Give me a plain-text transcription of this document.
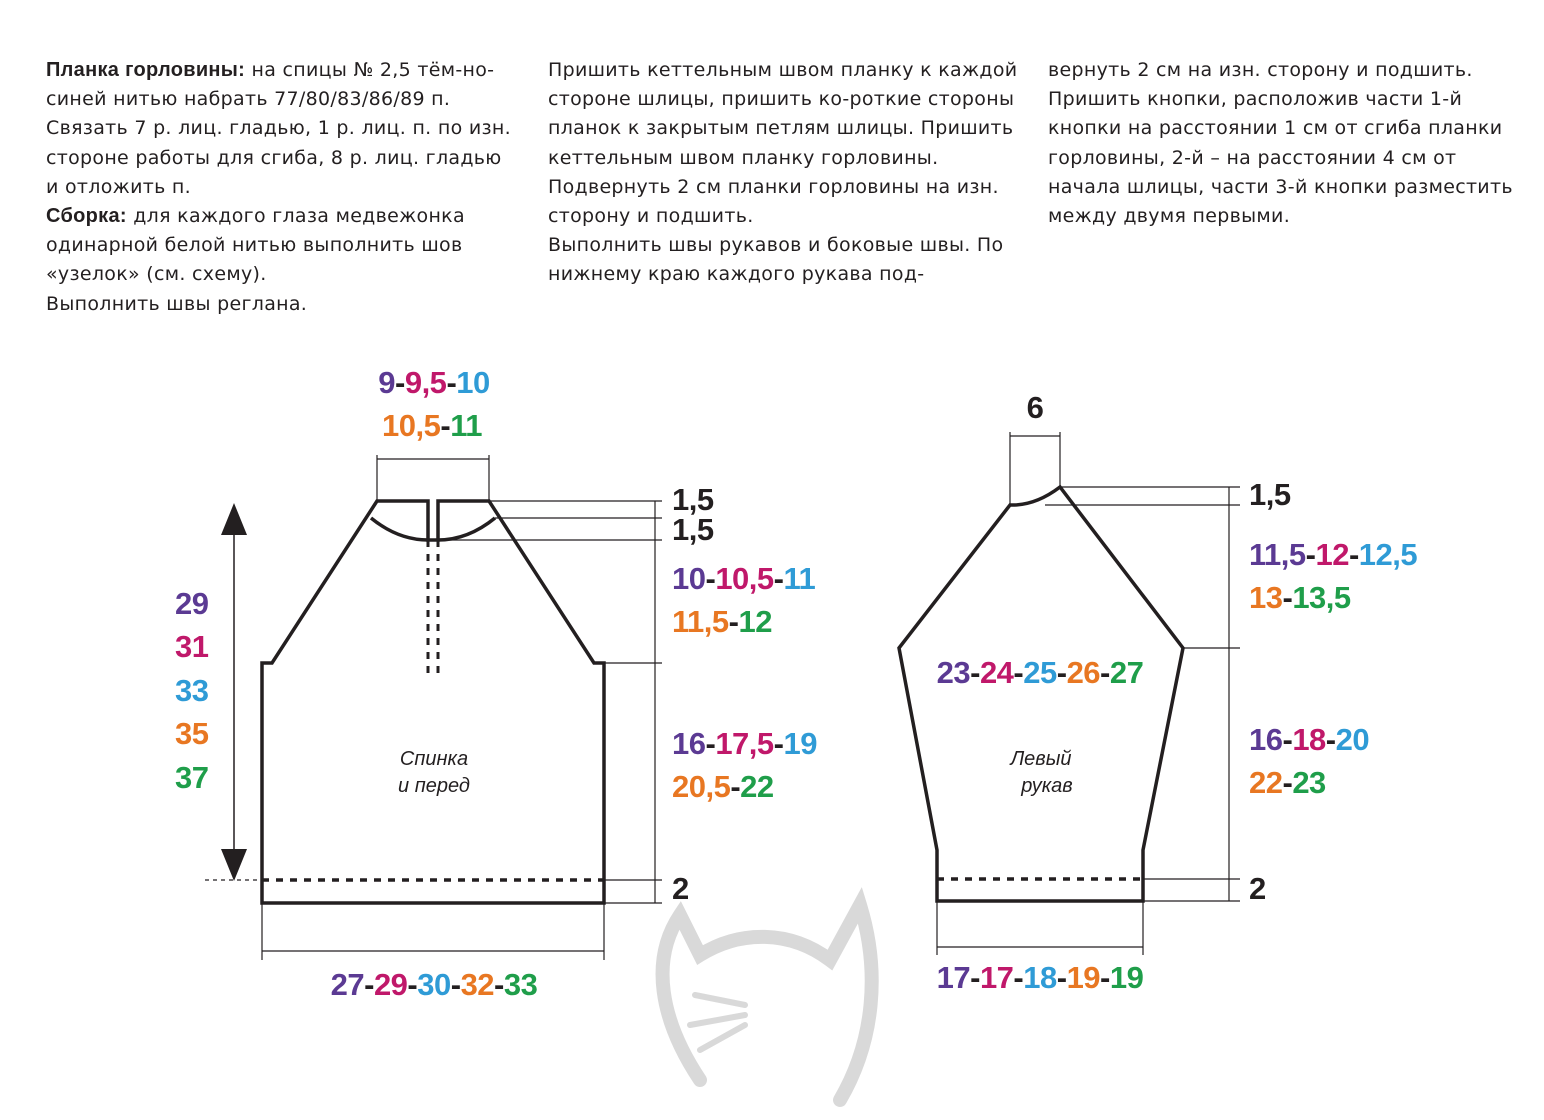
Планка горловины: на спицы № 2,5 тём-но-синей нитью набрать 77/80/83/86/89 п. Связать 7 р. лиц. гладью, 1 р. лиц. п. по изн. стороне работы для сгиба, 8 р. лиц. гладью и отложить п.

Сборка: для каждого глаза медвежонка одинарной белой нитью выполнить шов «узелок» (см. схему).

Выполнить швы реглана.

Пришить кеттельным швом планку к каждой стороне шлицы, пришить ко-роткие стороны планок к закрытым петлям шлицы. Пришить кеттельным швом планку горловины. Подвернуть 2 см планки горловины на изн. сторону и подшить.

Выполнить швы рукавов и боковые швы. По нижнему краю каждого рукава под-

вернуть 2 см на изн. сторону и подшить. Пришить кнопки, расположив части 1-й кнопки на расстоянии 1 см от сгиба планки горловины, 2-й – на расстоянии 4 см от начала шлицы, части 3-й кнопки разместить между двумя первыми.

Спинка
и перед
9-9,5-10
10,5-11
1,5
1,5
10-10,5-11
11,5-12
16-17,5-19
20,5-22
2
29
31
33
35
37
27-29-30-32-33
Левый
рукав
6
1,5
11,5-12-12,5
13-13,5
23-24-25-26-27
16-18-20
22-23
2
17-17-18-19-19
